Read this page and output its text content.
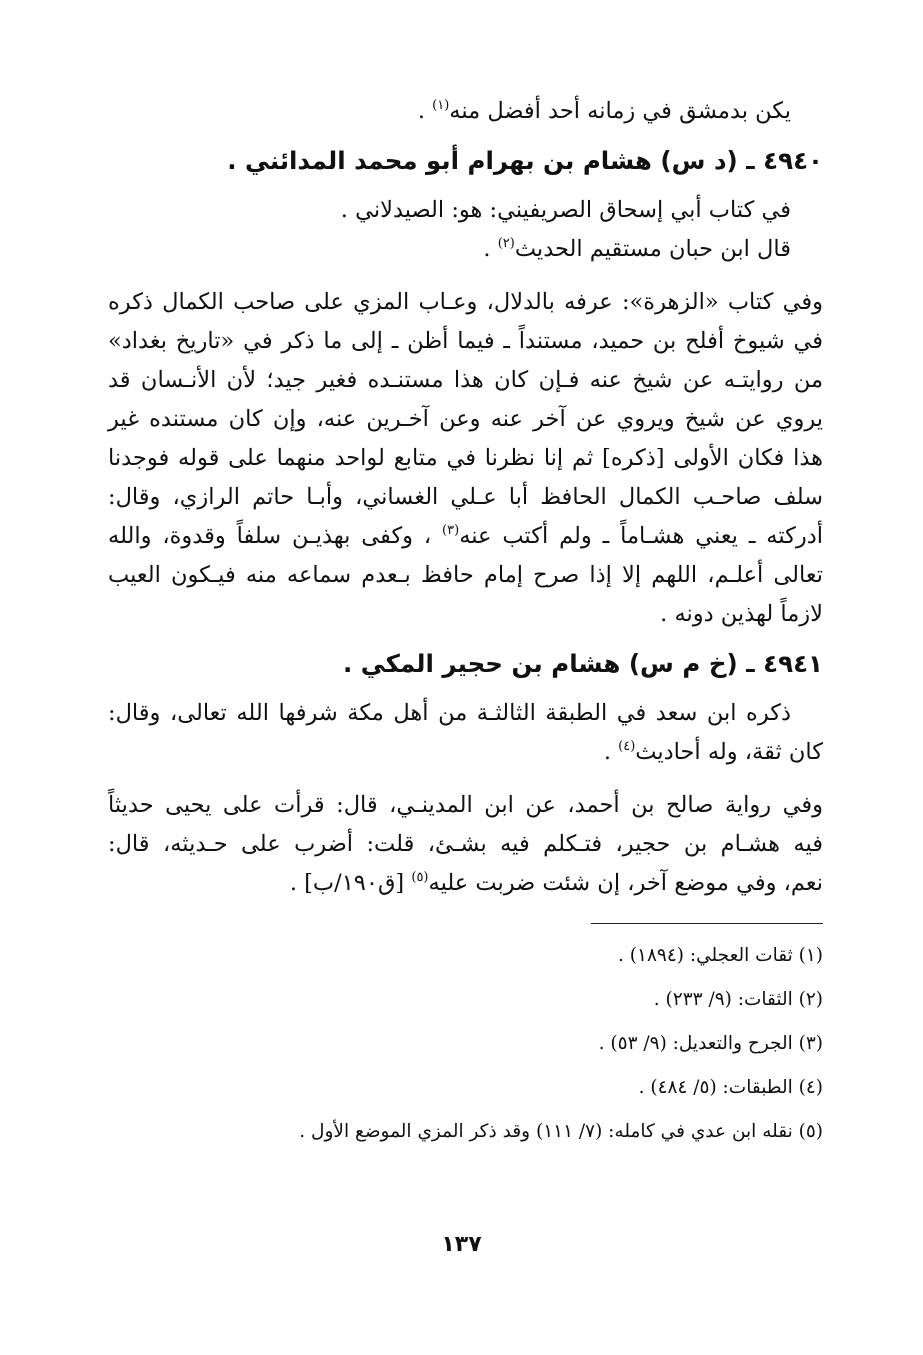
يكن بدمشق في زمانه أحد أفضل منه$^{(١)}$ .
٤٩٤٠ ـ (د س) هشام بن بهرام أبو محمد المدائني .
في كتاب أبي إسحاق الصريفيني: هو: الصيدلاني .
قال ابن حبان مستقيم الحديث$^{(٢)}$ .
وفي كتاب «الزهرة»: عرفه بالدلال، وعـاب المزي على صاحب الكمال ذكره
في شيوخ أفلح بن حميد، مستنداً ـ فيما أظن ـ إلى ما ذكر في «تاريخ بغداد»
من روايتـه عن شيخ عنه فـإن كان هذا مستنـده فغير جيد؛ لأن الأنـسان قد
يروي عن شيخ ويروي عن آخر عنه وعن آخـرين عنه، وإن كان مستنده غير
هذا فكان الأولى [ذكره] ثم إنا نظرنا في متابع لواحد منهما على قوله فوجدنا
سلف صاحـب الكمال الحافظ أبا عـلي الغساني، وأبـا حاتم الرازي، وقال:
أدركته ـ يعني هشـاماً ـ ولم أكتب عنه$^{(٣)}$ ، وكفى بهذيـن سلفاً وقدوة، والله
تعالى أعلـم، اللهم إلا إذا صرح إمام حافظ بـعدم سماعه منه فيـكون العيب
لازماً لهذين دونه .
٤٩٤١ ـ (خ م س) هشام بن حجير المكي .
ذكره ابن سعد في الطبقة الثالثـة من أهل مكة شرفها الله تعالى، وقال:
كان ثقة، وله أحاديث$^{(٤)}$ .
وفي رواية صالح بن أحمد، عن ابن المدينـي، قال: قرأت على يحيى حديثاً
فيه هشـام بن حجير، فتـكلم فيه بشـئ، قلت: أضرب على حـديثه، قال:
نعم، وفي موضع آخر، إن شئت ضربت عليه$^{(٥)}$ [ق١٩٠/ب] .
(١) ثقات العجلي: (١٨٩٤) .
(٢) الثقات: (٩/ ٢٣٣) .
(٣) الجرح والتعديل: (٩/ ٥٣) .
(٤) الطبقات: (٥/ ٤٨٤) .
(٥) نقله ابن عدي في كامله: (٧/ ١١١) وقد ذكر المزي الموضع الأول .
١٣٧
